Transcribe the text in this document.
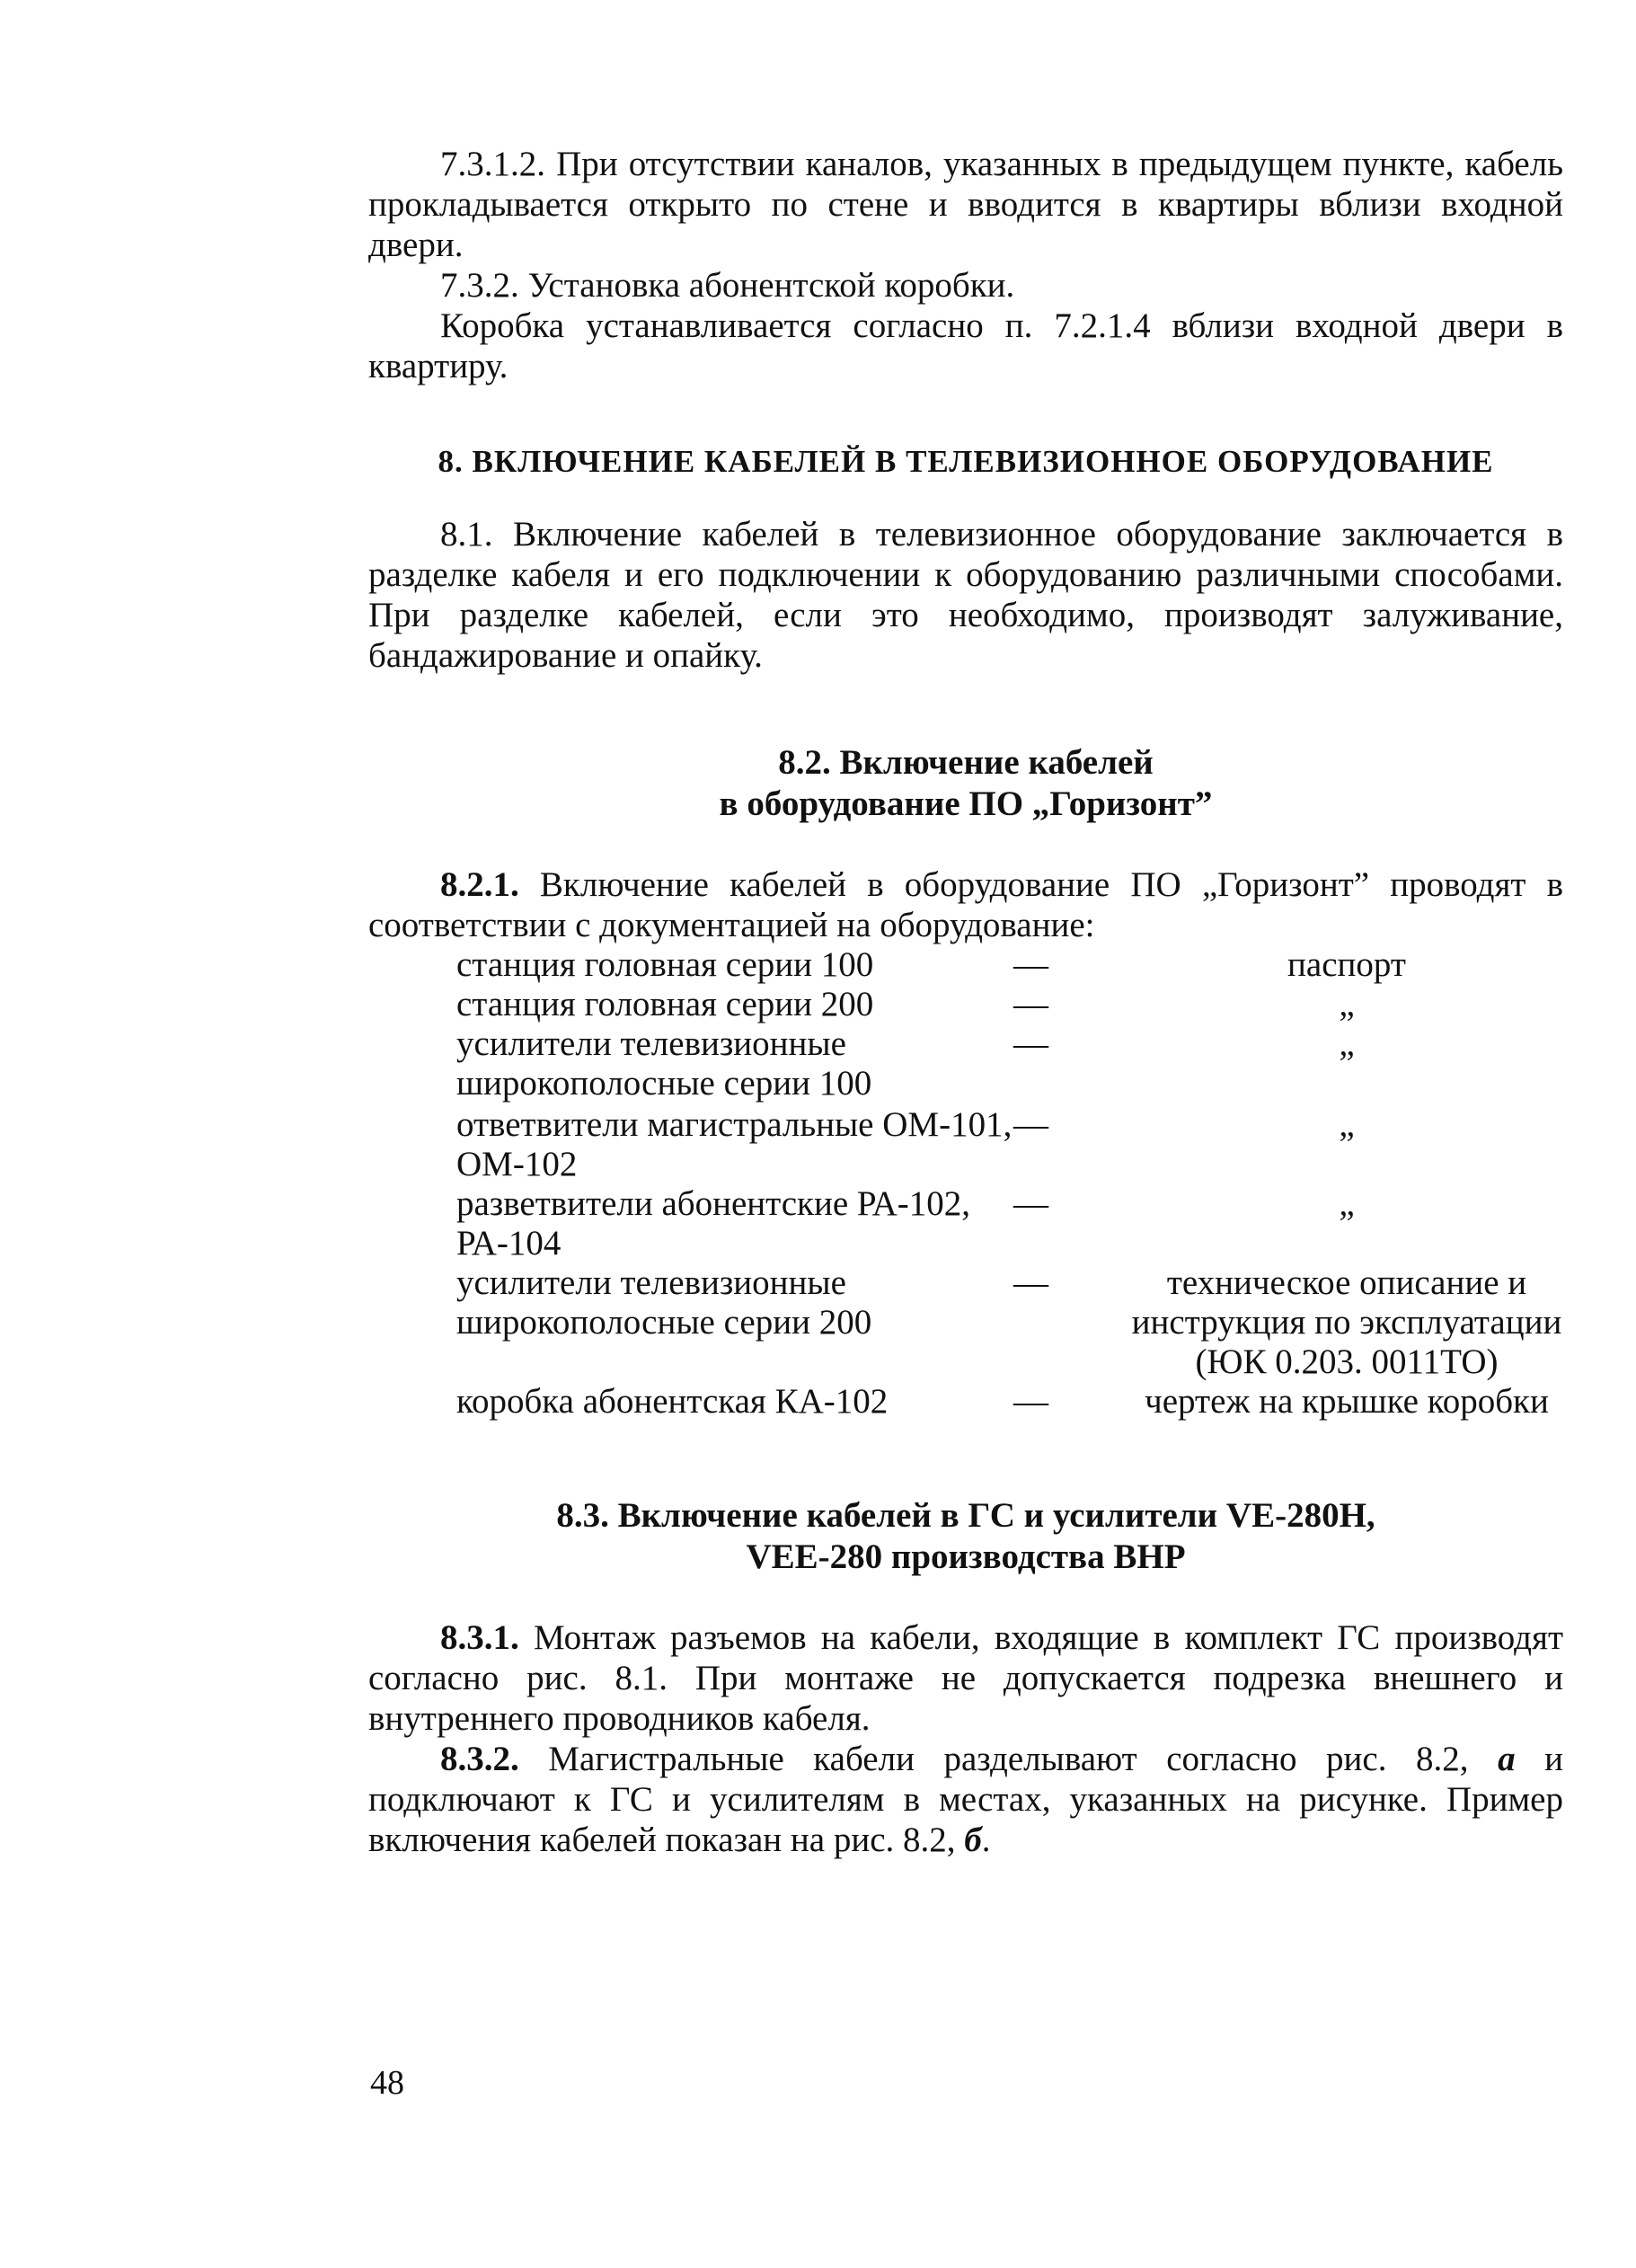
7.3.1.2. При отсутствии каналов, указанных в предыдущем пункте, кабель прокладывается открыто по стене и вводится в квартиры вблизи входной двери.

7.3.2. Установка абонентской коробки.

Коробка устанавливается согласно п. 7.2.1.4 вблизи входной двери в квартиру.

8. ВКЛЮЧЕНИЕ КАБЕЛЕЙ В ТЕЛЕВИЗИОННОЕ ОБОРУДОВАНИЕ

8.1. Включение кабелей в телевизионное оборудование заключается в разделке кабеля и его подключении к оборудованию различными способами. При разделке кабелей, если это необходимо, производят залуживание, бандажирование и опайку.

8.2. Включение кабелей
в оборудование ПО „Горизонт”

8.2.1. Включение кабелей в оборудование ПО „Горизонт” проводят в соответствии с документацией на оборудование:

станция головная серии 100	—	паспорт
станция головная серии 200	—	„
усилители телевизионные широкополосные серии 100	—	„
ответвители магистральные ОМ-101, ОМ-102	—	„
разветвители абонентские РА-102, РА-104	—	„
усилители телевизионные широкополосные серии 200	—	техническое описание и инструкция по эксплуатации (ЮК 0.203. 0011ТО)
коробка абонентская КА-102	—	чертеж на крышке коробки
8.3. Включение кабелей в ГС и усилители VE-280H,
VEE-280 производства ВНР

8.3.1. Монтаж разъемов на кабели, входящие в комплект ГС производят согласно рис. 8.1. При монтаже не допускается подрезка внешнего и внутреннего проводников кабеля.

8.3.2. Магистральные кабели разделывают согласно рис. 8.2, а и подключают к ГС и усилителям в местах, указанных на рисунке. Пример включения кабелей показан на рис. 8.2, б.

48
